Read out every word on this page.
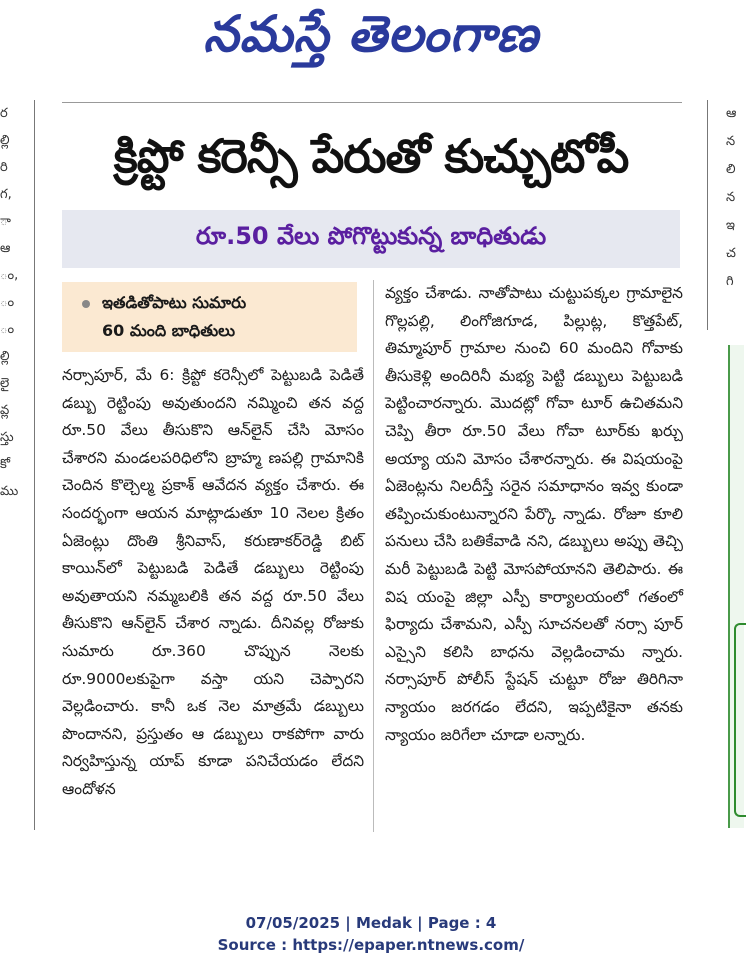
నమస్తే తెలంగాణ
ర
ల్లి
రి
గ,
ా
ఆ
ం,
ం
ం
ల్లి
లై
వ్ల
స్తు
కో
ము
ఆ
న
లి
న
ఇ
చ
గి
క్రిప్టో కరెన్సీ పేరుతో కుచ్చుటోపీ
రూ.50 వేలు పోగొట్టుకున్న బాధితుడు
ఇతడితోపాటు సుమారు
60 మంది బాధితులు

నర్సాపూర్, మే 6: క్రిప్టో కరెన్సీలో పెట్టుబడి పెడితే డబ్బు రెట్టింపు అవుతుందని నమ్మించి తన వద్ద రూ.50 వేలు తీసుకొని ఆన్‌లైన్ చేసి మోసం చేశారని మండలపరిధిలోని బ్రాహ్మ ణపల్లి గ్రామానికి చెందిన కొల్చెల్మ ప్రకాశ్ ఆవేదన వ్యక్తం చేశారు. ఈ సందర్భంగా ఆయన మాట్లాడుతూ 10 నెలల క్రితం ఏజెంట్లు దొంతి శ్రీనివాస్, కరుణాకర్‌రెడ్డి బిట్ కాయిన్‌లో పెట్టుబడి పెడితే డబ్బులు రెట్టింపు అవుతాయని నమ్మబలికి తన వద్ద రూ.50 వేలు తీసుకొని ఆన్‌లైన్ చేశార న్నాడు. దీనివల్ల రోజుకు సుమారు రూ.360 చొప్పున నెలకు రూ.9000లకుపైగా వస్తా యని చెప్పారని వెల్లడించారు. కానీ ఒక నెల మాత్రమే డబ్బులు పొందానని, ప్రస్తుతం ఆ డబ్బులు రాకపోగా వారు నిర్వహిస్తున్న యాప్ కూడా పనిచేయడం లేదని ఆందోళన

వ్యక్తం చేశాడు. నాతోపాటు చుట్టుపక్కల గ్రామాలైన గొల్లపల్లి, లింగోజిగూడ, పిల్లుట్ల, కొత్తపేట్, తిమ్మాపూర్ గ్రామాల నుంచి 60 మందిని గోవాకు తీసుకెళ్లి అందిరినీ మభ్య పెట్టి డబ్బులు పెట్టుబడి పెట్టించారన్నారు. మొదట్లో గోవా టూర్ ఉచితమని చెప్పి తీరా రూ.50 వేలు గోవా టూర్‌కు ఖర్చు అయ్యా యని మోసం చేశారన్నారు. ఈ విషయంపై ఏజెంట్లను నిలదీస్తే సరైన సమాధానం ఇవ్వ కుండా తప్పించుకుంటున్నారని పేర్కొ న్నాడు. రోజూ కూలి పనులు చేసి బతికేవాడి నని, డబ్బులు అప్పు తెచ్చి మరీ పెట్టుబడి పెట్టి మోసపోయానని తెలిపారు. ఈ విష యంపై జిల్లా ఎస్పీ కార్యాలయంలో గతంలో ఫిర్యాదు చేశామని, ఎస్పీ సూచనలతో నర్సా పూర్ ఎస్సైని కలిసి బాధను వెల్లడించామ న్నారు. నర్సాపూర్ పోలీస్ స్టేషన్ చుట్టూ రోజు తిరిగినా న్యాయం జరగడం లేదని, ఇప్పటికైనా తనకు న్యాయం జరిగేలా చూడా లన్నారు.

07/05/2025 | Medak | Page : 4
Source : https://epaper.ntnews.com/
